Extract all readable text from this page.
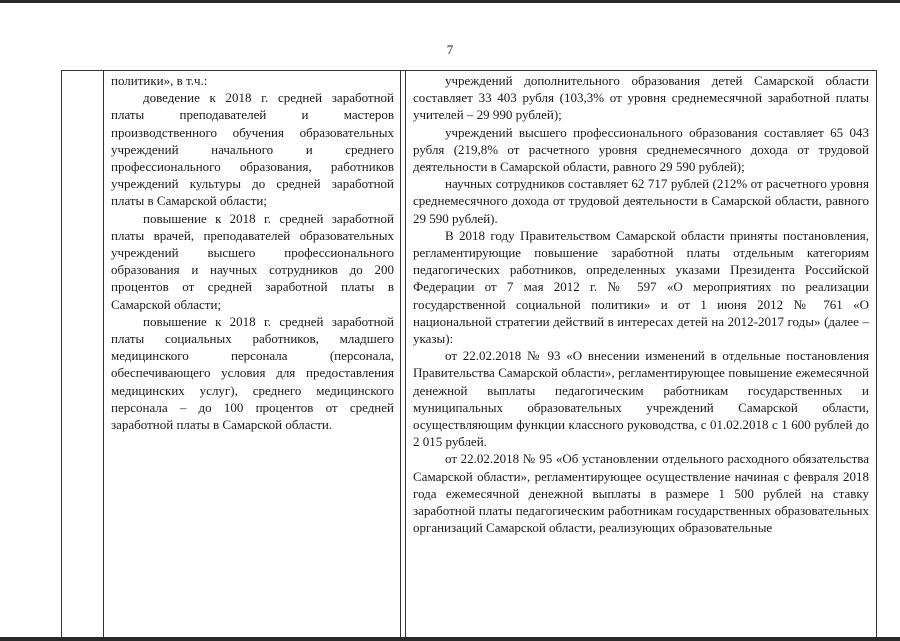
7

политики», в т.ч.:

доведение к 2018 г. средней заработной платы преподавателей и мастеров производственного обучения образовательных учреждений начального и среднего профессионального образования, работников учреждений культуры до средней заработной платы в Самарской области;

повышение к 2018 г. средней заработной платы врачей, преподавателей образовательных учреждений высшего профессионального образования и научных сотрудников до 200 процентов от средней заработной платы в Самарской области;

повышение к 2018 г. средней заработной платы социальных работников, младшего медицинского персонала (персонала, обеспечивающего условия для предоставления медицинских услуг), среднего медицинского персонала – до 100 процентов от средней заработной платы в Самарской области.

учреждений дополнительного образования детей Самарской области составляет 33 403 рубля (103,3% от уровня среднемесячной заработной платы учителей – 29 990 рублей);

учреждений высшего профессионального образования составляет 65 043 рубля (219,8% от расчетного уровня среднемесячного дохода от трудовой деятельности в Самарской области, равного 29 590 рублей);

научных сотрудников составляет 62 717 рублей (212% от расчетного уровня среднемесячного дохода от трудовой деятельности в Самарской области, равного 29 590 рублей).

В 2018 году Правительством Самарской области приняты постановления, регламентирующие повышение заработной платы отдельным категориям педагогических работников, определенных указами Президента Российской Федерации от 7 мая 2012 г. № 597 «О мероприятиях по реализации государственной социальной политики» и от 1 июня 2012 № 761 «О национальной стратегии действий в интересах детей на 2012-2017 годы» (далее – указы):

от 22.02.2018 № 93 «О внесении изменений в отдельные постановления Правительства Самарской области», регламентирующее повышение ежемесячной денежной выплаты педагогическим работникам государственных и муниципальных образовательных учреждений Самарской области, осуществляющим функции классного руководства, с 01.02.2018 с 1 600 рублей до 2 015 рублей.

от 22.02.2018 № 95 «Об установлении отдельного расходного обязательства Самарской области», регламентирующее осуществление начиная с февраля 2018 года ежемесячной денежной выплаты в размере 1 500 рублей на ставку заработной платы педагогическим работникам государственных образовательных организаций Самарской области, реализующих образовательные
